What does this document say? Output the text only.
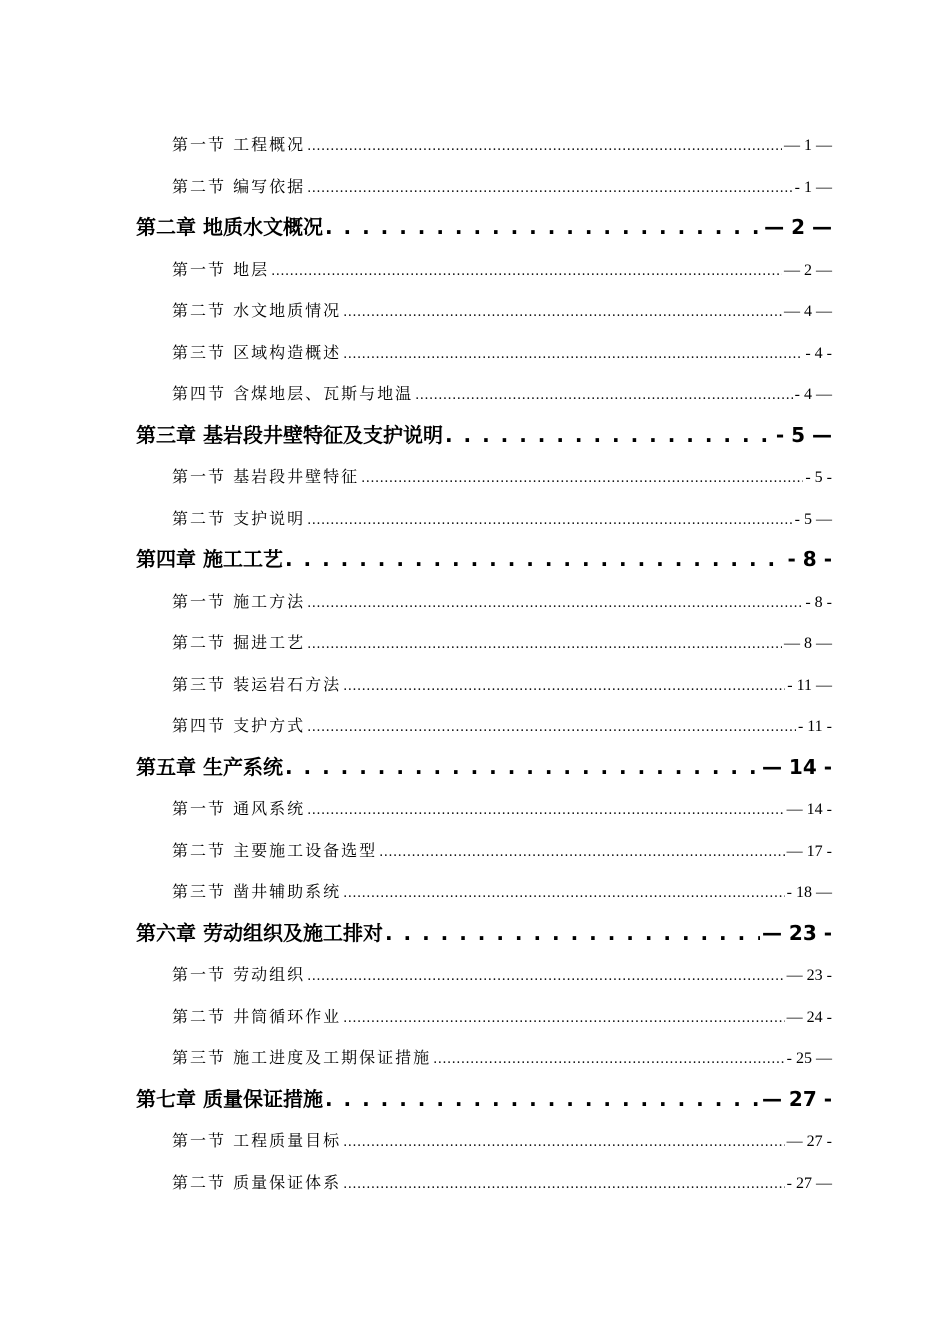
第一节 工程概况 .....	— 1 —
第二节 编写依据 .....	- 1 —
第二章 地质水文概况 . . .	— 2 —
第一节 地层 .....	— 2 —
第二节 水文地质情况 .....	— 4 —
第三节 区域构造概述 .....	- 4 -
第四节 含煤地层、瓦斯与地温 .....	- 4 —
第三章 基岩段井壁特征及支护说明 . . .	- 5 —
第一节 基岩段井壁特征 .....	- 5 -
第二节 支护说明 .....	- 5 —
第四章 施工工艺 . . .	- 8 -
第一节 施工方法 .....	- 8 -
第二节 掘进工艺 .....	— 8 —
第三节 装运岩石方法 .....	- 11 —
第四节 支护方式 .....	- 11 -
第五章 生产系统 . . .	— 14 -
第一节 通风系统 .....	— 14 -
第二节 主要施工设备选型 .....	— 17 -
第三节 凿井辅助系统 .....	- 18 —
第六章 劳动组织及施工排对 . . .	— 23 -
第一节 劳动组织 .....	— 23 -
第二节 井筒循环作业 .....	— 24 -
第三节 施工进度及工期保证措施 .....	- 25 —
第七章 质量保证措施 . . .	— 27 -
第一节 工程质量目标 .....	— 27 -
第二节 质量保证体系 .....	- 27 —
